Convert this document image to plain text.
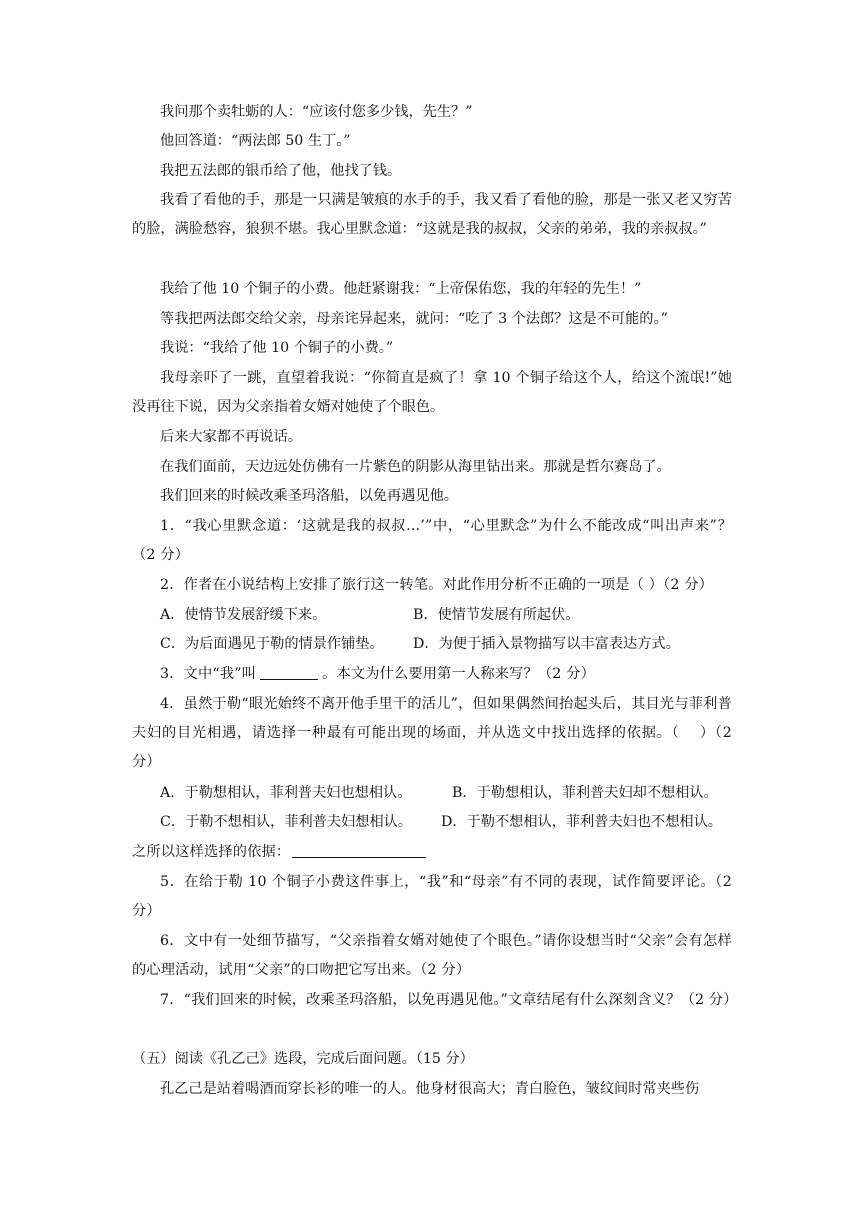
我问那个卖牡蛎的人：“应该付您多少钱，先生？”
他回答道：“两法郎 50 生丁。”
我把五法郎的银币给了他，他找了钱。
我看了看他的手，那是一只满是皱痕的水手的手，我又看了看他的脸，那是一张又老又穷苦的脸，满脸愁容，狼狈不堪。我心里默念道：“这就是我的叔叔，父亲的弟弟，我的亲叔叔。”
我给了他 10 个铜子的小费。他赶紧谢我：“上帝保佑您，我的年轻的先生！”
等我把两法郎交给父亲，母亲诧异起来，就问：“吃了 3 个法郎？这是不可能的。”
我说：“我给了他 10 个铜子的小费。”
我母亲吓了一跳，直望着我说：“你简直是疯了！拿 10 个铜子给这个人，给这个流氓!”她没再往下说，因为父亲指着女婿对她使了个眼色。
后来大家都不再说话。
在我们面前，天边远处仿佛有一片紫色的阴影从海里钻出来。那就是哲尔赛岛了。
我们回来的时候改乘圣玛洛船，以免再遇见他。
1．“我心里默念道：‘这就是我的叔叔…’”中，“心里默念”为什么不能改成“叫出声来”？（2 分）
2．作者在小说结构上安排了旅行这一转笔。对此作用分析不正确的一项是（ ）（2 分）
A．使情节发展舒缓下来。	B．使情节发展有所起伏。
C．为后面遇见于勒的情景作铺垫。 D．为便于插入景物描写以丰富表达方式。
3．文中“我”叫	。本文为什么要用第一人称来写？（2 分）
4．虽然于勒“眼光始终不离开他手里干的活儿”，但如果偶然间抬起头后，其目光与菲利普夫妇的目光相遇，请选择一种最有可能出现的场面，并从选文中找出选择的依据。（　 ）（2 分）
A．于勒想相认，菲利普夫妇也想相认。	B．于勒想相认，菲利普夫妇却不想相认。
C．于勒不想相认，菲利普夫妇想相认。 D．于勒不想相认，菲利普夫妇也不想相认。
之所以这样选择的依据：
5．在给于勒 10 个铜子小费这件事上，“我”和“母亲”有不同的表现，试作简要评论。（2 分）
6．文中有一处细节描写，“父亲指着女婿对她使了个眼色。”请你设想当时“父亲”会有怎样的心理活动，试用“父亲”的口吻把它写出来。（2 分）
7．“我们回来的时候，改乘圣玛洛船，以免再遇见他。”文章结尾有什么深刻含义？（2 分）
（五）阅读《孔乙己》选段，完成后面问题。（15 分）
孔乙己是站着喝酒而穿长衫的唯一的人。他身材很高大；青白脸色，皱纹间时常夹些伤
